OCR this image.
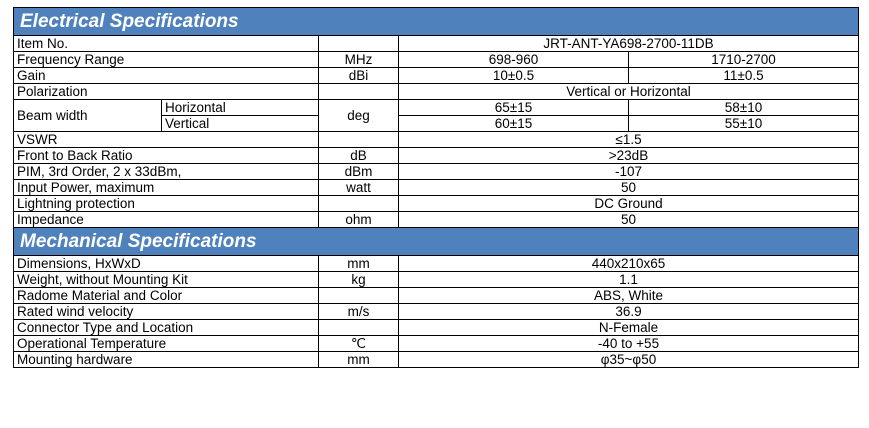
Electrical Specifications				
Item No.			JRT-ANT-YA698-2700-11DB	
Frequency Range		MHz	698-960	1710-2700
Gain		dBi	10±0.5	11±0.5
Polarization			Vertical or Horizontal	
Beam width	Horizontal	deg	65±15	58±10
	Vertical		60±15	55±10
VSWR			≤1.5	
Front to Back Ratio		dB	>23dB	
PIM, 3rd Order, 2 x 33dBm,		dBm	-107	
Input Power, maximum		watt	50	
Lightning protection			DC Ground	
Impedance		ohm	50	
Mechanical Specifications				
Dimensions, HxWxD		mm	440x210x65	
Weight, without Mounting Kit		kg	1.1	
Radome Material and Color			ABS, White	
Rated wind velocity		m/s	36.9	
Connector Type and Location			N-Female	
Operational Temperature		℃	-40 to +55	
Mounting hardware		mm	φ35~φ50	
